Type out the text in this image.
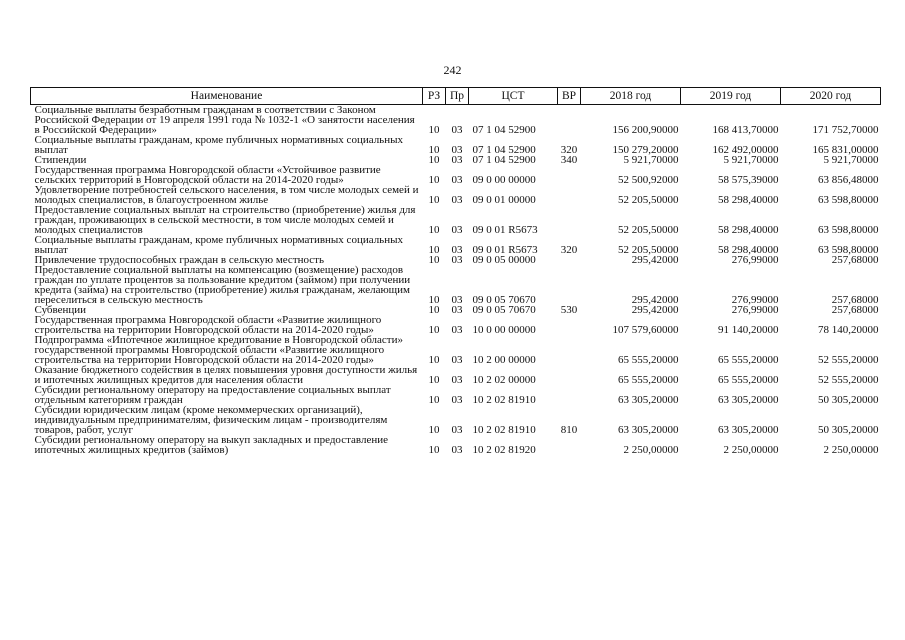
242
Наименование	РЗ	Пр	ЦСТ	ВР	2018 год	2019 год	2020 год
Социальные выплаты безработным гражданам в соответствии с Законом Российской Федерации от 19 апреля 1991 года № 1032-1 «О занятости населения в Российской Федерации»	10	03	07 1 04 52900		156 200,90000	168 413,70000	171 752,70000
Социальные выплаты гражданам, кроме публичных нормативных социальных выплат	10	03	07 1 04 52900	320	150 279,20000	162 492,00000	165 831,00000
Стипендии	10	03	07 1 04 52900	340	5 921,70000	5 921,70000	5 921,70000
Государственная программа Новгородской области «Устойчивое развитие сельских территорий в Новгородской области на 2014-2020 годы»	10	03	09 0 00 00000		52 500,92000	58 575,39000	63 856,48000
Удовлетворение потребностей сельского населения, в том числе молодых семей и молодых специалистов, в благоустроенном жилье	10	03	09 0 01 00000		52 205,50000	58 298,40000	63 598,80000
Предоставление социальных выплат на строительство (приобретение) жилья для граждан, проживающих в сельской местности, в том числе молодых семей и молодых специалистов	10	03	09 0 01 R5673		52 205,50000	58 298,40000	63 598,80000
Социальные выплаты гражданам, кроме публичных нормативных социальных выплат	10	03	09 0 01 R5673	320	52 205,50000	58 298,40000	63 598,80000
Привлечение трудоспособных граждан в сельскую местность	10	03	09 0 05 00000		295,42000	276,99000	257,68000
Предоставление социальной выплаты на компенсацию (возмещение) расходов граждан по уплате процентов за пользование кредитом (займом) при получении кредита (займа) на строительство (приобретение) жилья гражданам, желающим переселиться в сельскую местность	10	03	09 0 05 70670		295,42000	276,99000	257,68000
Субвенции	10	03	09 0 05 70670	530	295,42000	276,99000	257,68000
Государственная программа Новгородской области «Развитие жилищного строительства на территории Новгородской области на 2014-2020 годы»	10	03	10 0 00 00000		107 579,60000	91 140,20000	78 140,20000
Подпрограмма «Ипотечное жилищное кредитование в Новгородской области» государственной программы Новгородской области «Развитие жилищного строительства на территории Новгородской области на 2014-2020 годы»	10	03	10 2 00 00000		65 555,20000	65 555,20000	52 555,20000
Оказание бюджетного содействия в целях повышения уровня доступности жилья и ипотечных жилищных кредитов для населения области	10	03	10 2 02 00000		65 555,20000	65 555,20000	52 555,20000
Субсидии региональному оператору на предоставление социальных выплат отдельным категориям граждан	10	03	10 2 02 81910		63 305,20000	63 305,20000	50 305,20000
Субсидии юридическим лицам (кроме некоммерческих организаций), индивидуальным предпринимателям, физическим лицам - производителям товаров, работ, услуг	10	03	10 2 02 81910	810	63 305,20000	63 305,20000	50 305,20000
Субсидии региональному оператору на выкуп закладных и предоставление ипотечных жилищных кредитов (займов)	10	03	10 2 02 81920		2 250,00000	2 250,00000	2 250,00000
